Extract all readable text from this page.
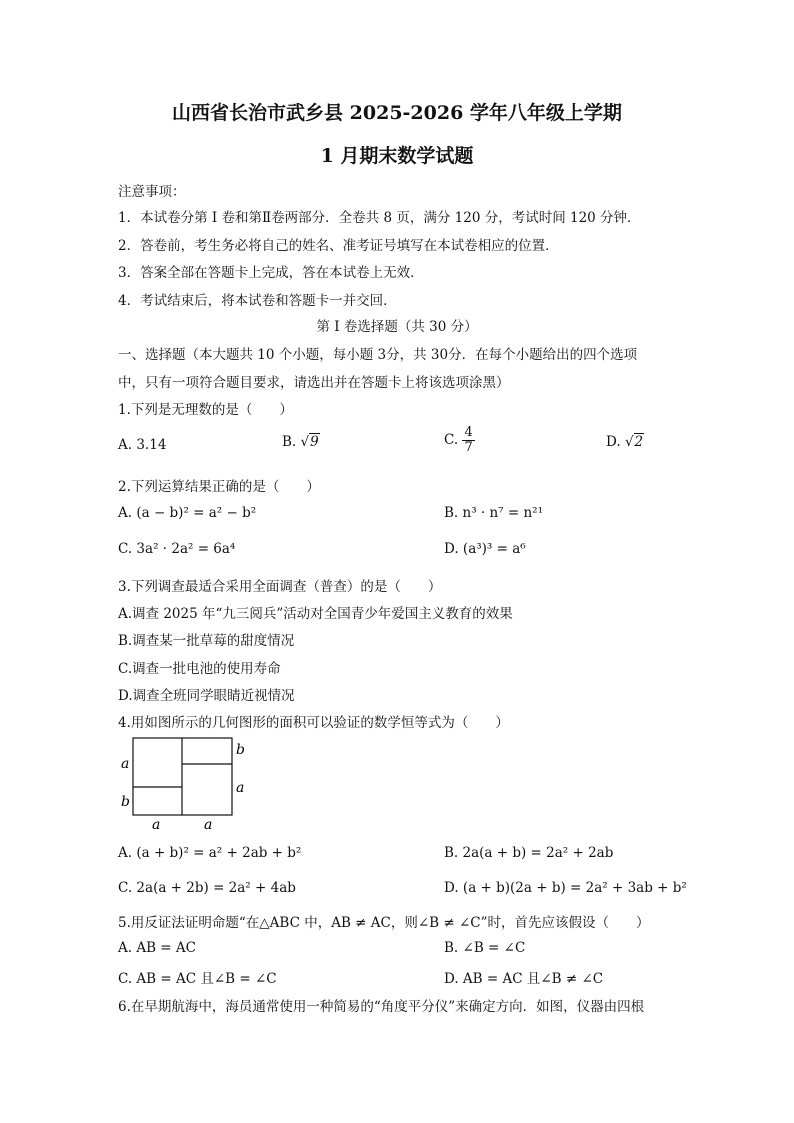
山西省长治市武乡县 2025-2026 学年八年级上学期
1 月期末数学试题
注意事项：
1．本试卷分第 I 卷和第Ⅱ卷两部分．全卷共 8 页，满分 120 分，考试时间 120 分钟．
2．答卷前，考生务必将自己的姓名、准考证号填写在本试卷相应的位置．
3．答案全部在答题卡上完成，答在本试卷上无效．
4．考试结束后，将本试卷和答题卡一并交回．
第 I 卷选择题（共 30 分）
一、选择题（本大题共 10 个小题，每小题 3分，共 30分．在每个小题给出的四个选项
中，只有一项符合题目要求，请选出并在答题卡上将该选项涂黑）
1.下列是无理数的是（　　）
A. 3.14	B. √9	C. $\frac{4}{7}$	D. √2
2.下列运算结果正确的是（　　）
A. (a − b)² = a² − b²	B. n³ · n⁷ = n²¹
C. 3a² · 2a² = 6a⁴	D. (a³)³ = a⁶
3.下列调查最适合采用全面调查（普查）的是（　　）
A.调查 2025 年“九三阅兵”活动对全国青少年爱国主义教育的效果
B.调查某一批草莓的甜度情况
C.调查一批电池的使用寿命
D.调查全班同学眼睛近视情况
4.用如图所示的几何图形的面积可以验证的数学恒等式为（　　）
a
b
b
a
a	a
A. (a + b)² = a² + 2ab + b²	B. 2a(a + b) = 2a² + 2ab
C. 2a(a + 2b) = 2a² + 4ab	D. (a + b)(2a + b) = 2a² + 3ab + b²
5.用反证法证明命题“在△ABC 中，AB ≠ AC，则∠B ≠ ∠C”时，首先应该假设（　　）
A. AB = AC	B. ∠B = ∠C
C. AB = AC 且∠B = ∠C	D. AB = AC 且∠B ≠ ∠C
6.在早期航海中，海员通常使用一种简易的“角度平分仪”来确定方向．如图，仪器由四根
